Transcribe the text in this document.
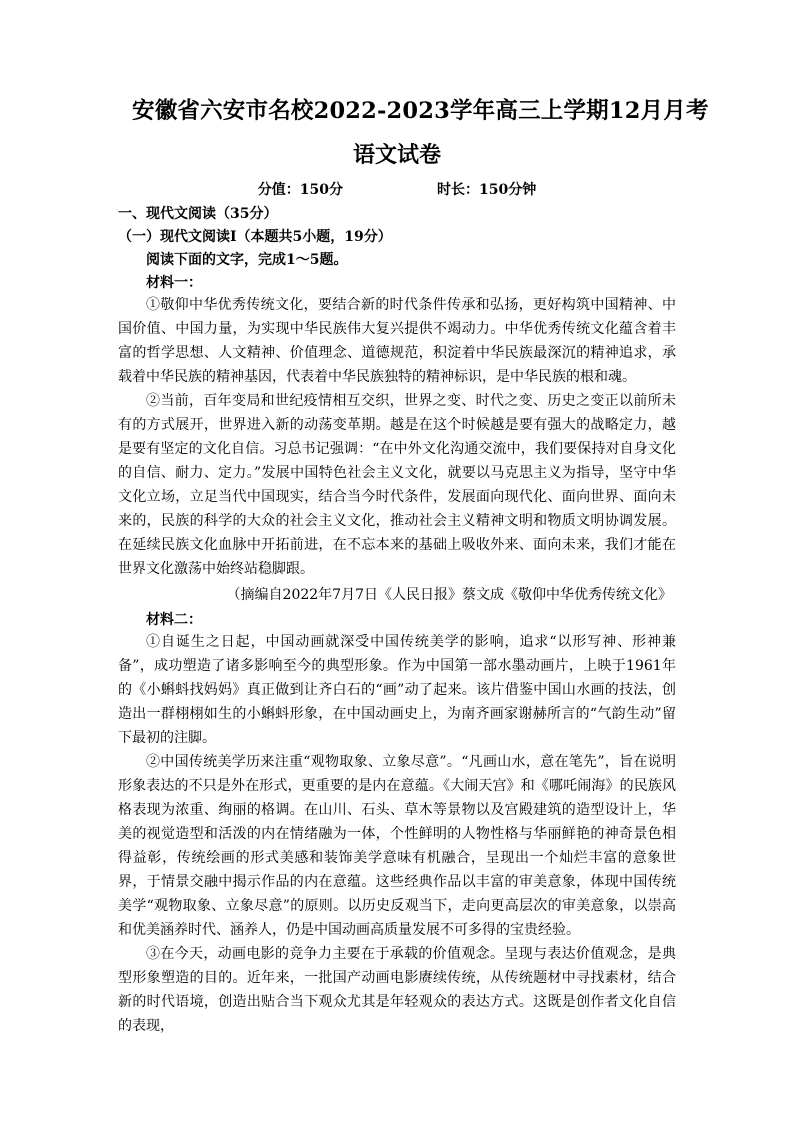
安徽省六安市名校2022-2023学年高三上学期12月月考
语文试卷
分值：150分	时长：150分钟
一、现代文阅读（35分）
（一）现代文阅读Ⅰ（本题共5小题，19分）
阅读下面的文字，完成1～5题。
材料一：

①敬仰中华优秀传统文化，要结合新的时代条件传承和弘扬，更好构筑中国精神、中国价值、中国力量，为实现中华民族伟大复兴提供不竭动力。中华优秀传统文化蕴含着丰富的哲学思想、人文精神、价值理念、道德规范，积淀着中华民族最深沉的精神追求，承载着中华民族的精神基因，代表着中华民族独特的精神标识，是中华民族的根和魂。

②当前，百年变局和世纪疫情相互交织，世界之变、时代之变、历史之变正以前所未有的方式展开，世界进入新的动荡变革期。越是在这个时候越是要有强大的战略定力，越是要有坚定的文化自信。习总书记强调：“在中外文化沟通交流中，我们要保持对自身文化的自信、耐力、定力。”发展中国特色社会主义文化，就要以马克思主义为指导，坚守中华文化立场，立足当代中国现实，结合当今时代条件，发展面向现代化、面向世界、面向未来的，民族的科学的大众的社会主义文化，推动社会主义精神文明和物质文明协调发展。在延续民族文化血脉中开拓前进，在不忘本来的基础上吸收外来、面向未来，我们才能在世界文化激荡中始终站稳脚跟。

（摘编自2022年7月7日《人民日报》蔡文成《敬仰中华优秀传统文化》
材料二：

①自诞生之日起，中国动画就深受中国传统美学的影响，追求“以形写神、形神兼备”，成功塑造了诸多影响至今的典型形象。作为中国第一部水墨动画片，上映于1961年的《小蝌蚪找妈妈》真正做到让齐白石的“画”动了起来。该片借鉴中国山水画的技法，创造出一群栩栩如生的小蝌蚪形象，在中国动画史上，为南齐画家谢赫所言的“气韵生动”留下最初的注脚。

②中国传统美学历来注重“观物取象、立象尽意”。“凡画山水，意在笔先”，旨在说明形象表达的不只是外在形式，更重要的是内在意蕴。《大闹天宫》和《哪吒闹海》的民族风格表现为浓重、绚丽的格调。在山川、石头、草木等景物以及宫殿建筑的造型设计上，华美的视觉造型和活泼的内在情绪融为一体，个性鲜明的人物性格与华丽鲜艳的神奇景色相得益彰，传统绘画的形式美感和装饰美学意味有机融合，呈现出一个灿烂丰富的意象世界，于情景交融中揭示作品的内在意蕴。这些经典作品以丰富的审美意象，体现中国传统美学“观物取象、立象尽意”的原则。以历史反观当下，走向更高层次的审美意象，以崇高和优美涵养时代、涵养人，仍是中国动画高质量发展不可多得的宝贵经验。

③在今天，动画电影的竞争力主要在于承载的价值观念。呈现与表达价值观念，是典型形象塑造的目的。近年来，一批国产动画电影赓续传统，从传统题材中寻找素材，结合新的时代语境，创造出贴合当下观众尤其是年轻观众的表达方式。这既是创作者文化自信的表现，
